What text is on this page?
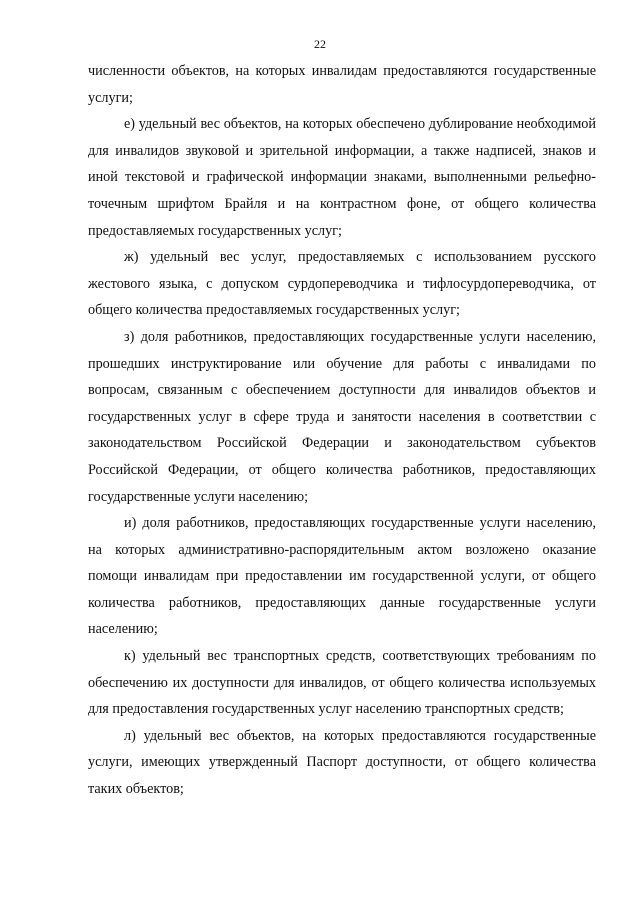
22

численности объектов, на которых инвалидам предоставляются государственные услуги;

е) удельный вес объектов, на которых обеспечено дублирование необходимой для инвалидов звуковой и зрительной информации, а также надписей, знаков и иной текстовой и графической информации знаками, выполненными рельефно-точечным шрифтом Брайля и на контрастном фоне, от общего количества предоставляемых государственных услуг;

ж) удельный вес услуг, предоставляемых с использованием русского жестового языка, с допуском сурдопереводчика и тифлосурдопереводчика, от общего количества предоставляемых государственных услуг;

з) доля работников, предоставляющих государственные услуги населению, прошедших инструктирование или обучение для работы с инвалидами по вопросам, связанным с обеспечением доступности для инвалидов объектов и государственных услуг в сфере труда и занятости населения в соответствии с законодательством Российской Федерации и законодательством субъектов Российской Федерации, от общего количества работников, предоставляющих государственные услуги населению;

и) доля работников, предоставляющих государственные услуги населению, на которых административно-распорядительным актом возложено оказание помощи инвалидам при предоставлении им государственной услуги, от общего количества работников, предоставляющих данные государственные услуги населению;

к) удельный вес транспортных средств, соответствующих требованиям по обеспечению их доступности для инвалидов, от общего количества используемых для предоставления государственных услуг населению транспортных средств;

л) удельный вес объектов, на которых предоставляются государственные услуги, имеющих утвержденный Паспорт доступности, от общего количества таких объектов;
